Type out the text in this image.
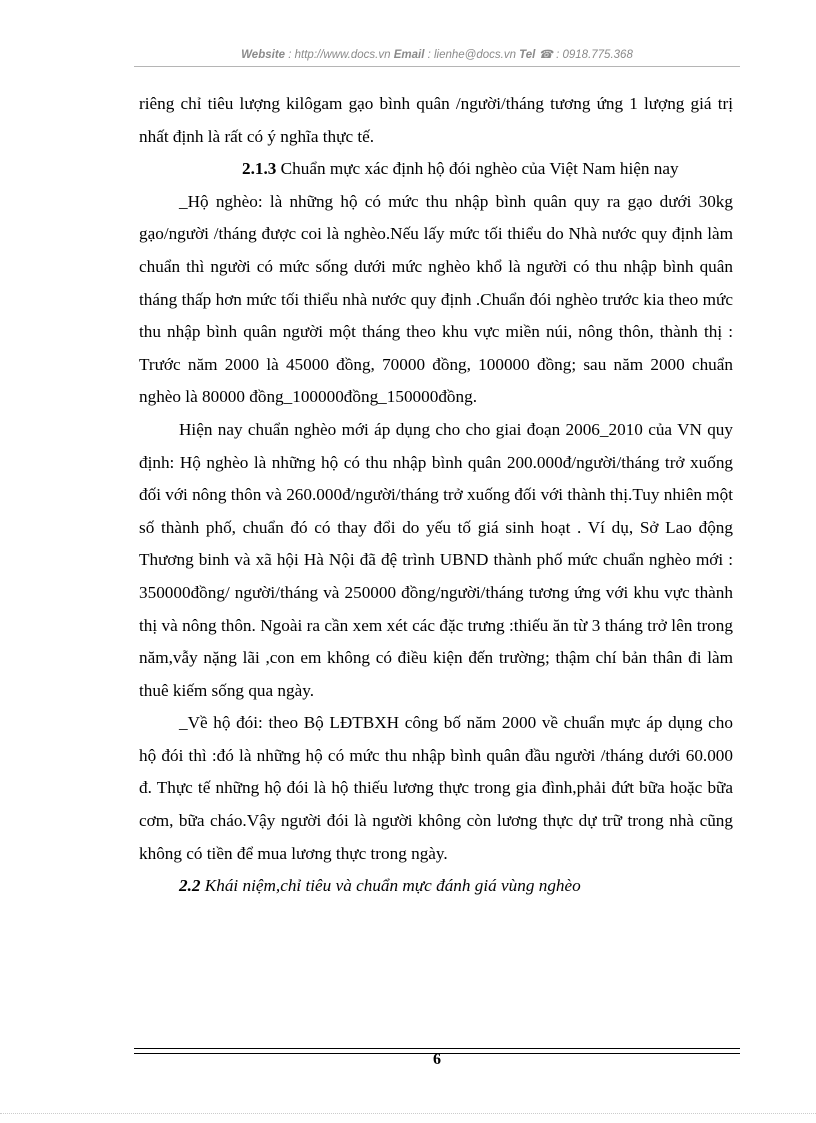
Website : http://www.docs.vn Email : lienhe@docs.vn Tel ☎ : 0918.775.368

riêng chỉ tiêu lượng kilôgam gạo bình quân /người/tháng tương ứng 1 lượng giá trị nhất định là rất có ý nghĩa thực tế.

2.1.3 Chuẩn mực xác định hộ đói nghèo của Việt Nam hiện nay

_Hộ nghèo: là những hộ có mức thu nhập bình quân quy ra gạo dưới 30kg gạo/người /tháng được coi là nghèo.Nếu lấy mức tối thiểu do Nhà nước quy định làm chuẩn thì người có mức sống dưới mức nghèo khổ là người có thu nhập bình quân tháng thấp hơn mức tối thiểu nhà nước quy định .Chuẩn đói nghèo trước kia theo mức thu nhập bình quân người một tháng theo khu vực miền núi, nông thôn, thành thị : Trước năm 2000 là 45000 đồng, 70000 đồng, 100000 đồng; sau năm 2000 chuẩn nghèo là 80000 đồng_100000đồng_150000đồng.

Hiện nay chuẩn nghèo mới áp dụng cho cho giai đoạn 2006_2010 của VN quy định: Hộ nghèo là những hộ có thu nhập bình quân 200.000đ/người/tháng trở xuống đối với nông thôn và 260.000đ/người/tháng trở xuống đối với thành thị.Tuy nhiên một số thành phố, chuẩn đó có thay đổi do yếu tố giá sinh hoạt . Ví dụ, Sở Lao động Thương binh và xã hội Hà Nội đã đệ trình UBND thành phố mức chuẩn nghèo mới : 350000đồng/ người/tháng và 250000 đồng/người/tháng tương ứng với khu vực thành thị và nông thôn. Ngoài ra cần xem xét các đặc trưng :thiếu ăn từ 3 tháng trở lên trong năm,vẫy nặng lãi ,con em không có điều kiện đến trường; thậm chí bản thân đi làm thuê kiếm sống qua ngày.

_Về hộ đói: theo Bộ LĐTBXH công bố năm 2000 về chuẩn mực áp dụng cho hộ đói thì :đó là những hộ có mức thu nhập bình quân đầu người /tháng dưới 60.000 đ. Thực tế những hộ đói là hộ thiếu lương thực trong gia đình,phải đứt bữa hoặc bữa cơm, bữa cháo.Vậy người đói là người không còn lương thực dự trữ trong nhà cũng không có tiền để mua lương thực trong ngày.

2.2 Khái niệm,chỉ tiêu và chuẩn mực đánh giá vùng nghèo

6
